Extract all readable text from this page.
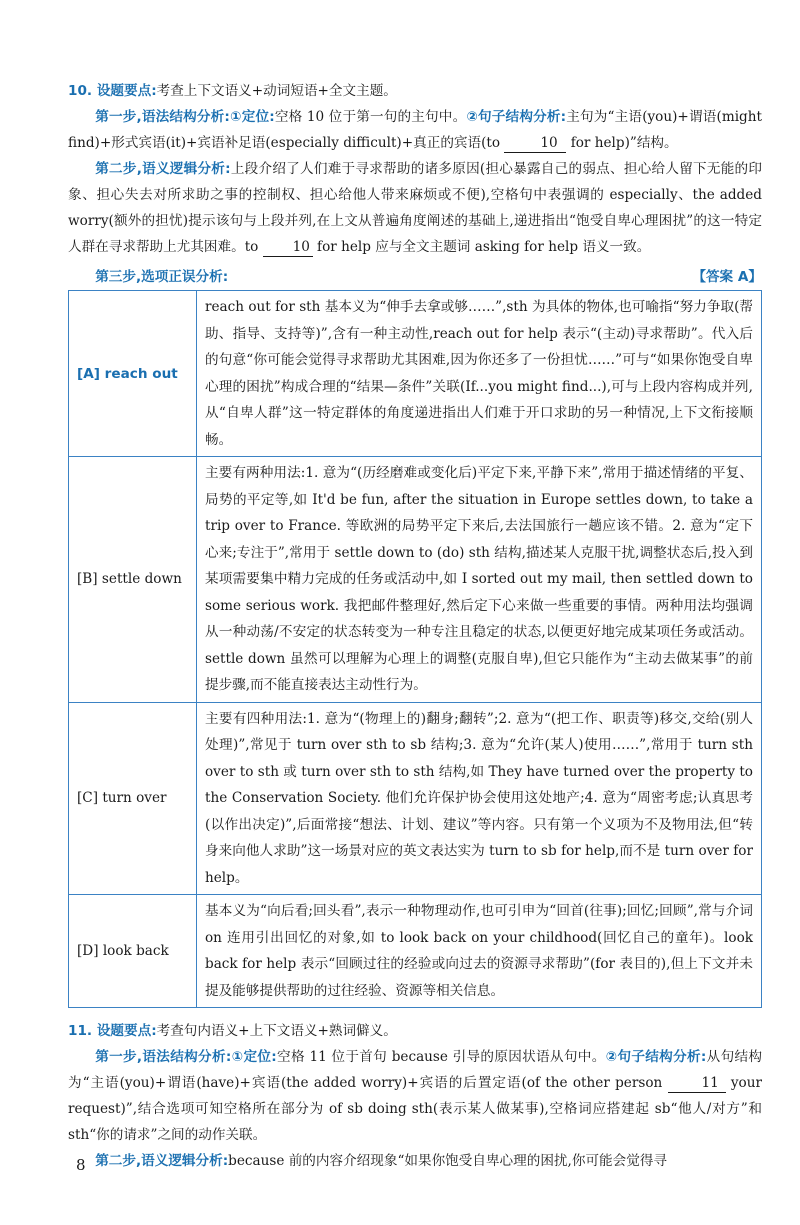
10. 设题要点:考查上下文语义+动词短语+全文主题。

第一步,语法结构分析:①定位:空格 10 位于第一句的主句中。②句子结构分析:主句为“主语(you)+谓语(might find)+形式宾语(it)+宾语补足语(especially difficult)+真正的宾语(to	10 for help)”结构。

第二步,语义逻辑分析:上段介绍了人们难于寻求帮助的诸多原因(担心暴露自己的弱点、担心给人留下无能的印象、担心失去对所求助之事的控制权、担心给他人带来麻烦或不便),空格句中表强调的 especially、the added worry(额外的担忧)提示该句与上段并列,在上文从普遍角度阐述的基础上,递进指出“饱受自卑心理困扰”的这一特定人群在寻求帮助上尤其困难。to	10 for help 应与全文主题词 asking for help 语义一致。

第三步,选项正误分析:	【答案 A】
[A] reach out	reach out for sth 基本义为“伸手去拿或够……”,sth 为具体的物体,也可喻指“努力争取(帮助、指导、支持等)”,含有一种主动性,reach out for help 表示“(主动)寻求帮助”。代入后的句意“你可能会觉得寻求帮助尤其困难,因为你还多了一份担忧……”可与“如果你饱受自卑心理的困扰”构成合理的“结果—条件”关联(If...you might find...),可与上段内容构成并列,从“自卑人群”这一特定群体的角度递进指出人们难于开口求助的另一种情况,上下文衔接顺畅。

[B] settle down	主要有两种用法:1. 意为“(历经磨难或变化后)平定下来,平静下来”,常用于描述情绪的平复、局势的平定等,如 It'd be fun, after the situation in Europe settles down, to take a trip over to France. 等欧洲的局势平定下来后,去法国旅行一趟应该不错。2. 意为“定下心来;专注于”,常用于 settle down to (do) sth 结构,描述某人克服干扰,调整状态后,投入到某项需要集中精力完成的任务或活动中,如 I sorted out my mail, then settled down to some serious work. 我把邮件整理好,然后定下心来做一些重要的事情。两种用法均强调从一种动荡/不安定的状态转变为一种专注且稳定的状态,以便更好地完成某项任务或活动。settle down 虽然可以理解为心理上的调整(克服自卑),但它只能作为“主动去做某事”的前提步骤,而不能直接表达主动性行为。

[C] turn over	主要有四种用法:1. 意为“(物理上的)翻身;翻转”;2. 意为“(把工作、职责等)移交,交给(别人处理)”,常见于 turn over sth to sb 结构;3. 意为“允许(某人)使用……”,常用于 turn sth over to sth 或 turn over sth to sth 结构,如 They have turned over the property to the Conservation Society. 他们允许保护协会使用这处地产;4. 意为“周密考虑;认真思考(以作出决定)”,后面常接“想法、计划、建议”等内容。只有第一个义项为不及物用法,但“转身来向他人求助”这一场景对应的英文表达实为 turn to sb for help,而不是 turn over for help。

[D] look back	基本义为“向后看;回头看”,表示一种物理动作,也可引申为“回首(往事);回忆;回顾”,常与介词 on 连用引出回忆的对象,如 to look back on your childhood(回忆自己的童年)。look back for help 表示“回顾过往的经验或向过去的资源寻求帮助”(for 表目的),但上下文并未提及能够提供帮助的过往经验、资源等相关信息。

11. 设题要点:考查句内语义+上下文语义+熟词僻义。

第一步,语法结构分析:①定位:空格 11 位于首句 because 引导的原因状语从句中。②句子结构分析:从句结构为“主语(you)+谓语(have)+宾语(the added worry)+宾语的后置定语(of the other person	11 your request)”,结合选项可知空格所在部分为 of sb doing sth(表示某人做某事),空格词应搭建起 sb“他人/对方”和 sth“你的请求”之间的动作关联。

第二步,语义逻辑分析:because 前的内容介绍现象“如果你饱受自卑心理的困扰,你可能会觉得寻

8
